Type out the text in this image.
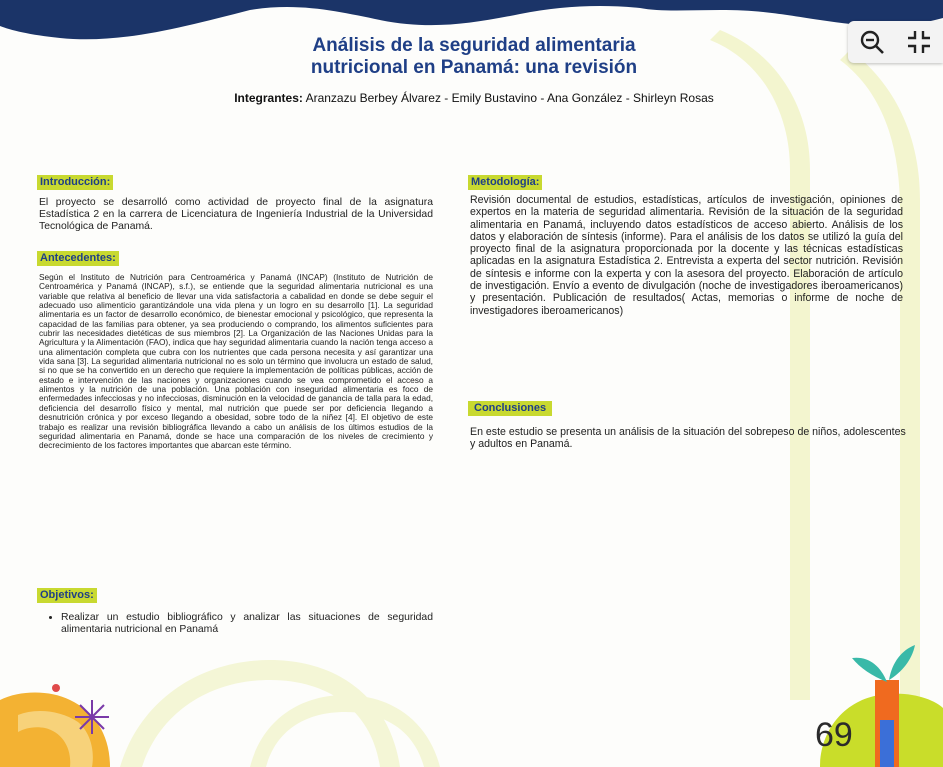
Análisis de la seguridad alimentaria
nutricional en Panamá: una revisión
Integrantes: Aranzazu Berbey Álvarez - Emily Bustavino - Ana González - Shirleyn Rosas
Introducción:
El proyecto se desarrolló como actividad de proyecto final de la asignatura Estadística 2 en la carrera de Licenciatura de Ingeniería Industrial de la Universidad Tecnológica de Panamá.
Antecedentes:
Según el Instituto de Nutrición para Centroamérica y Panamá (INCAP) (Instituto de Nutrición de Centroamérica y Panamá (INCAP), s.f.), se entiende que la seguridad alimentaria nutricional es una variable que relativa al beneficio de llevar una vida satisfactoria a cabalidad en donde se debe seguir el adecuado uso alimenticio garantizándole una vida plena y un logro en su desarrollo [1]. La seguridad alimentaria es un factor de desarrollo económico, de bienestar emocional y psicológico, que representa la capacidad de las familias para obtener, ya sea produciendo o comprando, los alimentos suficientes para cubrir las necesidades dietéticas de sus miembros [2]. La Organización de las Naciones Unidas para la Agricultura y la Alimentación (FAO), indica que hay seguridad alimentaria cuando la nación tenga acceso a una alimentación completa que cubra con los nutrientes que cada persona necesita y así garantizar una vida sana [3]. La seguridad alimentaria nutricional no es solo un término que involucra un estado de salud, si no que se ha convertido en un derecho que requiere la implementación de políticas públicas, acción de estado e intervención de las naciones y organizaciones cuando se vea comprometido el acceso a alimentos y la nutrición de una población. Una población con inseguridad alimentaria es foco de enfermedades infecciosas y no infecciosas, disminución en la velocidad de ganancia de talla para la edad, deficiencia del desarrollo físico y mental, mal nutrición que puede ser por deficiencia llegando a desnutrición crónica y por exceso llegando a obesidad, sobre todo de la niñez [4]. El objetivo de este trabajo es realizar una revisión bibliográfica llevando a cabo un análisis de los últimos estudios de la seguridad alimentaria en Panamá, donde se hace una comparación de los niveles de crecimiento y decrecimiento de los factores importantes que abarcan este término.
Objetivos:
• Realizar un estudio bibliográfico y analizar las situaciones de seguridad alimentaria nutricional en Panamá
Metodología:
Revisión documental de estudios, estadísticas, artículos de investigación, opiniones de expertos en la materia de seguridad alimentaria. Revisión de la situación de la seguridad alimentaria en Panamá, incluyendo datos estadísticos de acceso abierto. Análisis de los datos y elaboración de síntesis (informe). Para el análisis de los datos se utilizó la guía del proyecto final de la asignatura proporcionada por la docente y las técnicas estadísticas aplicadas en la asignatura Estadística 2. Entrevista a experta del sector nutrición. Revisión de síntesis e informe con la experta y con la asesora del proyecto. Elaboración de artículo de investigación. Envío a evento de divulgación (noche de investigadores iberoamericanos) y presentación. Publicación de resultados( Actas, memorias o informe de noche de investigadores iberoamericanos)
Conclusiones
En este estudio se presenta un análisis de la situación del sobrepeso de niños, adolescentes y adultos en Panamá.
69
